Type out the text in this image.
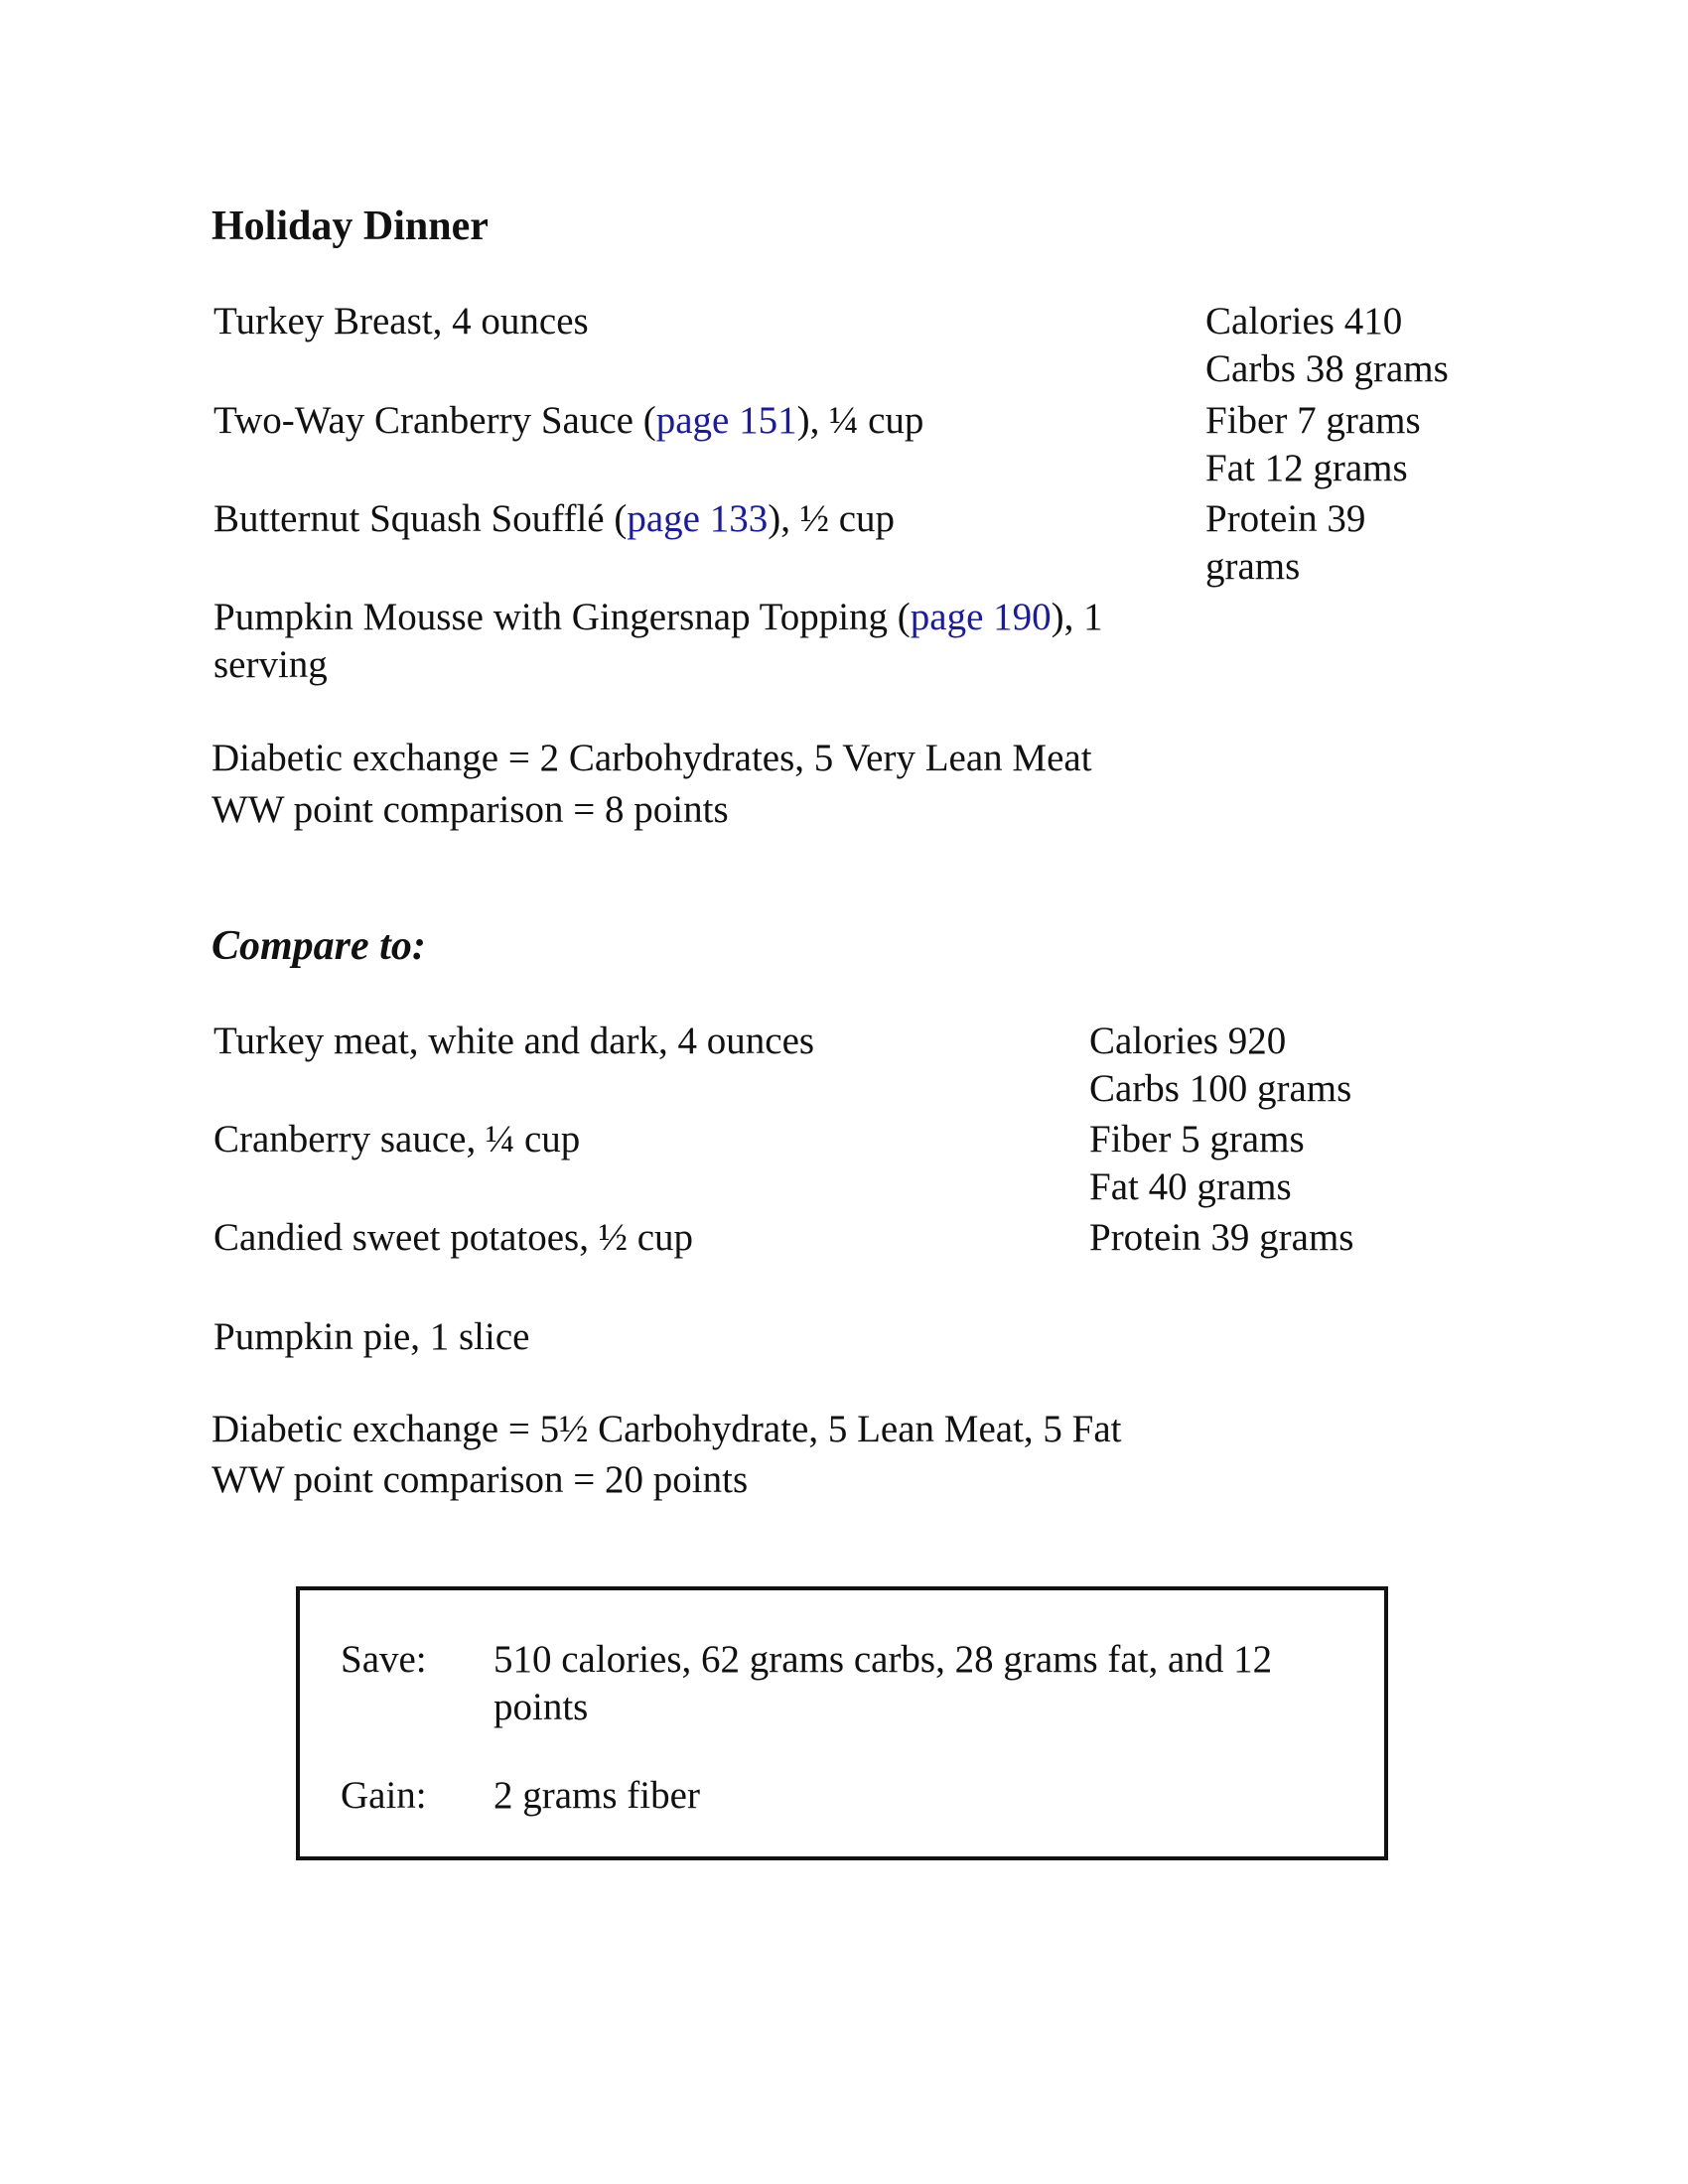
Holiday Dinner
Turkey Breast, 4 ounces
Two-Way Cranberry Sauce (page 151), ¼ cup
Butternut Squash Soufflé (page 133), ½ cup
Pumpkin Mousse with Gingersnap Topping (page 190), 1
serving
Calories 410
Carbs 38 grams
Fiber 7 grams
Fat 12 grams
Protein 39
grams
Diabetic exchange = 2 Carbohydrates, 5 Very Lean Meat
WW point comparison = 8 points
Compare to:
Turkey meat, white and dark, 4 ounces
Cranberry sauce, ¼ cup
Candied sweet potatoes, ½ cup
Pumpkin pie, 1 slice
Calories 920
Carbs 100 grams
Fiber 5 grams
Fat 40 grams
Protein 39 grams
Diabetic exchange = 5½ Carbohydrate, 5 Lean Meat, 5 Fat
WW point comparison = 20 points
Save: 510 calories, 62 grams carbs, 28 grams fat, and 12
points
Gain: 2 grams fiber
